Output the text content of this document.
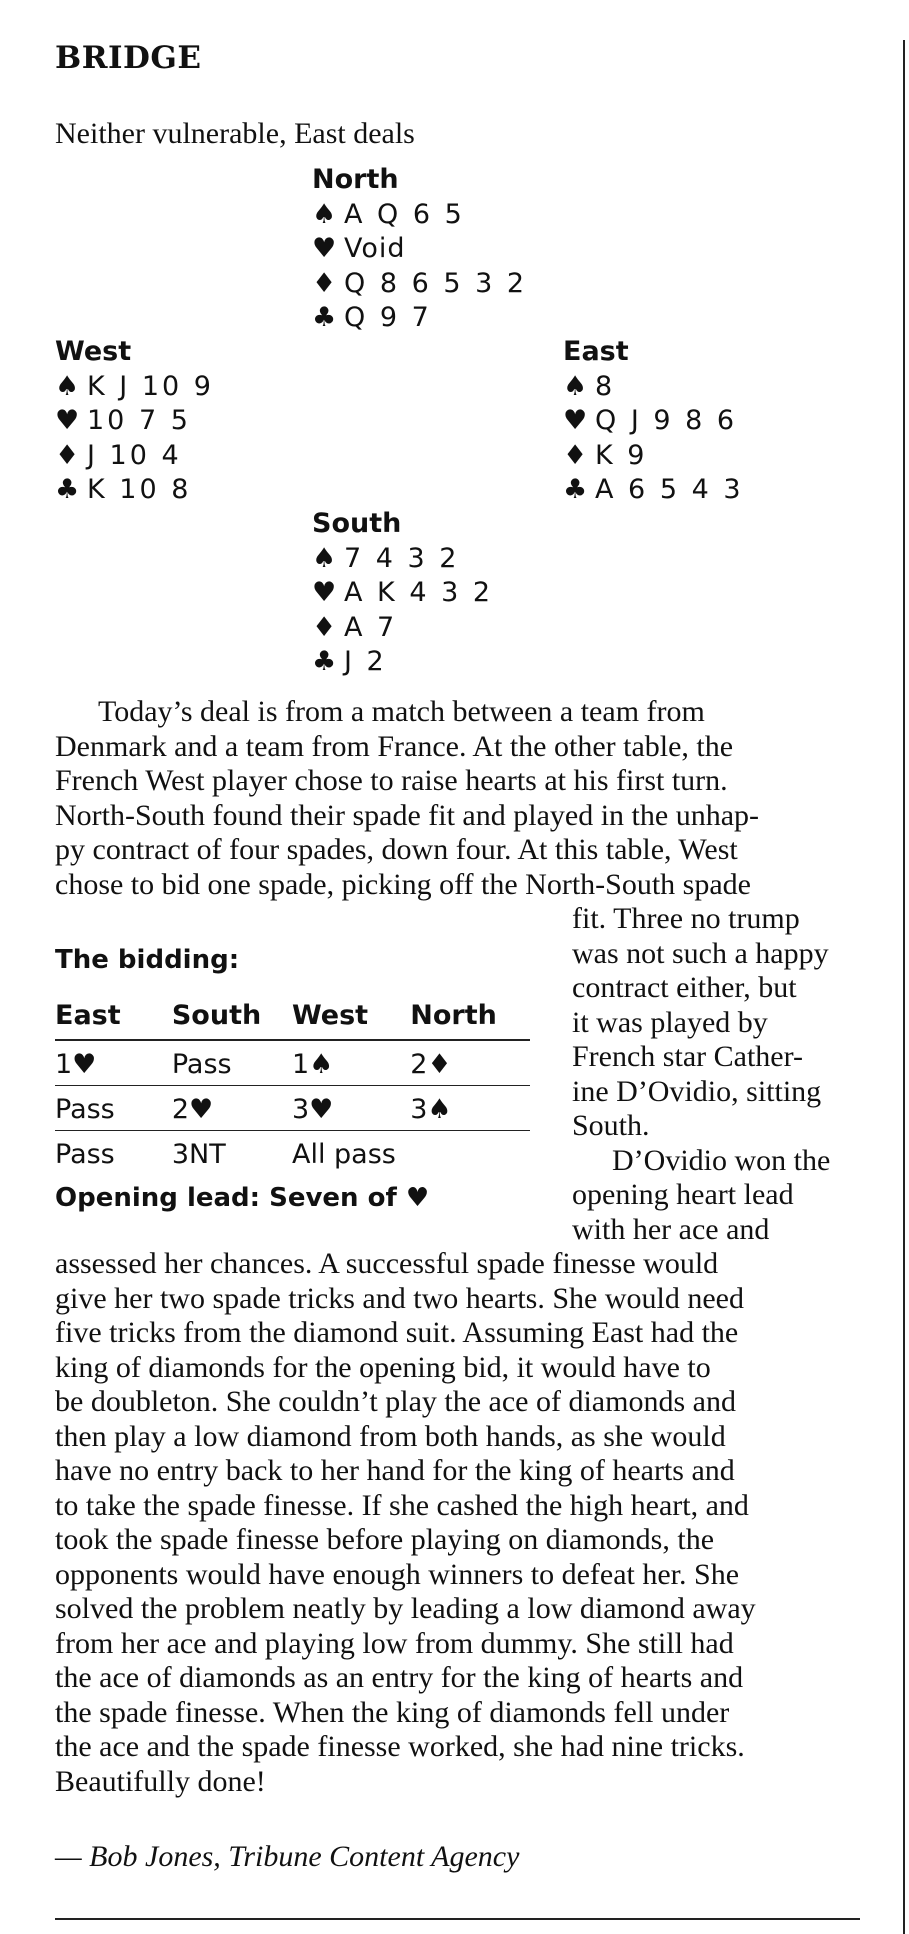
BRIDGE
Neither vulnerable, East deals
North
♠ A Q 6 5
♥ Void
♦ Q 8 6 5 3 2
♣ Q 9 7
West
♠ K J 10 9
♥ 10 7 5
♦ J 10 4
♣ K 10 8
East
♠ 8
♥ Q J 9 8 6
♦ K 9
♣ A 6 5 4 3
South
♠ 7 4 3 2
♥ A K 4 3 2
♦ A 7
♣ J 2
Today’s deal is from a match between a team from
Denmark and a team from France. At the other table, the
French West player chose to raise hearts at his first turn.
North-South found their spade fit and played in the unhap-
py contract of four spades, down four. At this table, West
chose to bid one spade, picking off the North-South spade
fit. Three no trump
was not such a happy
contract either, but
it was played by
French star Cather-
ine D’Ovidio, sitting
South.
D’Ovidio won the
opening heart lead
with her ace and
The bidding:
East	South	West	North
1♥	Pass	1♠	2♦
Pass	2♥	3♥	3♠
Pass	3NT	All pass	
Opening lead: Seven of ♥
assessed her chances. A successful spade finesse would
give her two spade tricks and two hearts. She would need
five tricks from the diamond suit. Assuming East had the
king of diamonds for the opening bid, it would have to
be doubleton. She couldn’t play the ace of diamonds and
then play a low diamond from both hands, as she would
have no entry back to her hand for the king of hearts and
to take the spade finesse. If she cashed the high heart, and
took the spade finesse before playing on diamonds, the
opponents would have enough winners to defeat her. She
solved the problem neatly by leading a low diamond away
from her ace and playing low from dummy. She still had
the ace of diamonds as an entry for the king of hearts and
the spade finesse. When the king of diamonds fell under
the ace and the spade finesse worked, she had nine tricks.
Beautifully done!
— Bob Jones, Tribune Content Agency
